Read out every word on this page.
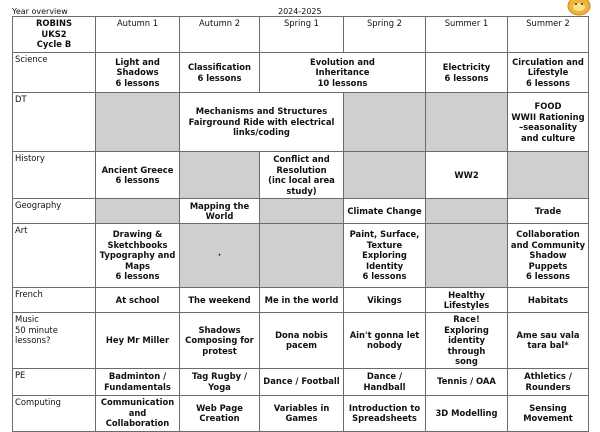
Year overview	2024-2025
ROBINS
UKS2
Cycle B	Autumn 1	Autumn 2	Spring 1	Spring 2	Summer 1	Summer 2
Science	Light and
Shadows
6 lessons	Classification
6 lessons	Evolution and
Inheritance
10 lessons		Electricity
6 lessons	Circulation and
Lifestyle
6 lessons
DT		Mechanisms and Structures
Fairground Ride with electrical
links/coding				FOOD
WWII Rationing
–seasonality
and culture
History	Ancient Greece
6 lessons		Conflict and
Resolution
(inc local area
study)		WW2	
Geography		Mapping the
World		Climate Change		Trade
Art	Drawing &
Sketchbooks
Typography and
Maps
6 lessons	·		Paint, Surface,
Texture
Exploring
Identity
6 lessons		Collaboration
and Community
Shadow Puppets
6 lessons
French	At school	The weekend	Me in the world	Vikings	Healthy
Lifestyles	Habitats
Music
50 minute
lessons?	Hey Mr Miller	Shadows
Composing for
protest	Dona nobis
pacem	Ain't gonna let
nobody	Race!
Exploring
identity through
song	Ame sau vala
tara bal*
PE	Badminton /
Fundamentals	Tag Rugby /
Yoga	Dance / Football	Dance /
Handball	Tennis / OAA	Athletics /
Rounders
Computing	Communication
and
Collaboration	Web Page
Creation	Variables in
Games	Introduction to
Spreadsheets	3D Modelling	Sensing
Movement
